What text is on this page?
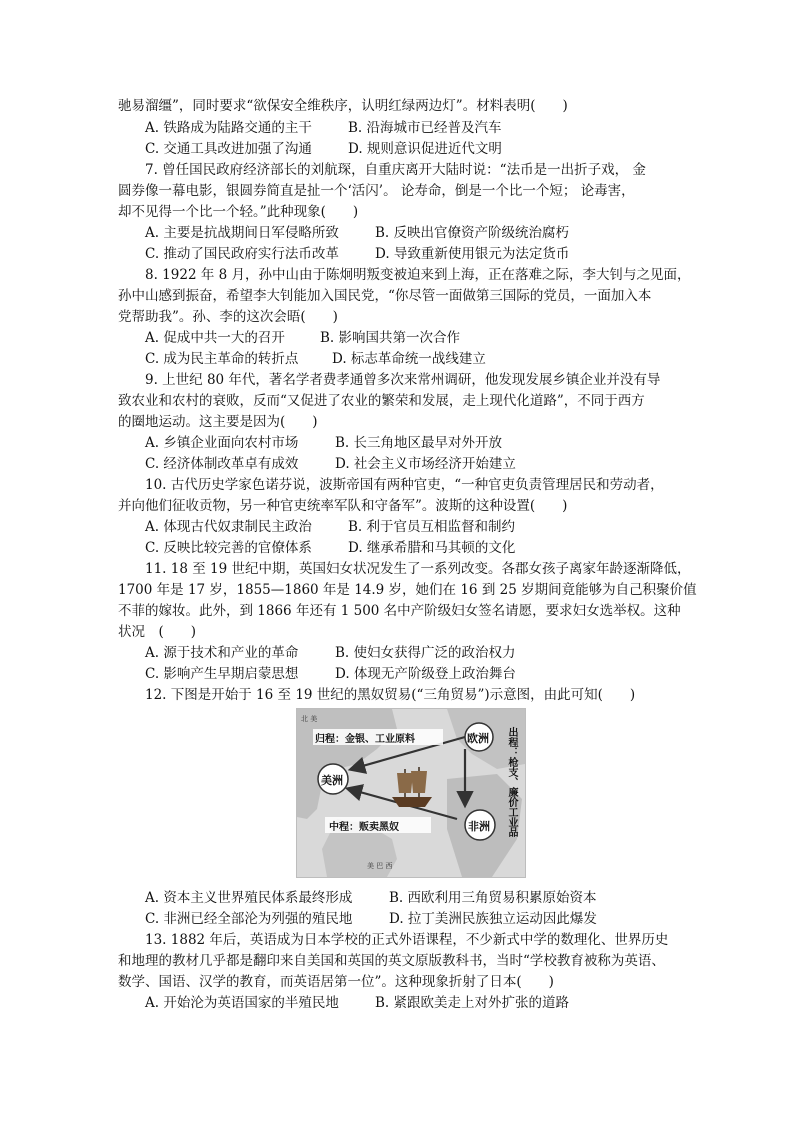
驰易溜缰”，同时要求“欲保安全维秩序，认明红绿两边灯”。材料表明(　　)
A. 铁路成为陆路交通的主干	B. 沿海城市已经普及汽车
C. 交通工具改进加强了沟通	D. 规则意识促进近代文明
7. 曾任国民政府经济部长的刘航琛，自重庆离开大陆时说：“法币是一出折子戏， 金
圆券像一幕电影，银圆券简直是扯一个‘活闪’。 论寿命，倒是一个比一个短； 论毒害，
却不见得一个比一个轻。”此种现象(　　)
A. 主要是抗战期间日军侵略所致	B. 反映出官僚资产阶级统治腐朽
C. 推动了国民政府实行法币改革	D. 导致重新使用银元为法定货币
8. 1922 年 8 月，孙中山由于陈炯明叛变被迫来到上海，正在落难之际，李大钊与之见面，
孙中山感到振奋，希望李大钊能加入国民党，“你尽管一面做第三国际的党员，一面加入本
党帮助我”。孙、李的这次会晤(　　)
A. 促成中共一大的召开	B. 影响国共第一次合作
C. 成为民主革命的转折点 D. 标志革命统一战线建立
9. 上世纪 80 年代，著名学者费孝通曾多次来常州调研，他发现发展乡镇企业并没有导
致农业和农村的衰败，反而“又促进了农业的繁荣和发展，走上现代化道路”，不同于西方
的圈地运动。这主要是因为(　　)
A. 乡镇企业面向农村市场	B. 长三角地区最早对外开放
C. 经济体制改革卓有成效	D. 社会主义市场经济开始建立
10. 古代历史学家色诺芬说，波斯帝国有两种官吏，“一种官吏负责管理居民和劳动者，
并向他们征收贡物，另一种官吏统率军队和守备军”。波斯的这种设置(　　)
A. 体现古代奴隶制民主政治	B. 利于官员互相监督和制约
C. 反映比较完善的官僚体系	D. 继承希腊和马其顿的文化
11. 18 至 19 世纪中期，英国妇女状况发生了一系列改变。各郡女孩子离家年龄逐渐降低，
1700 年是 17 岁，1855—1860 年是 14.9 岁，她们在 16 到 25 岁期间竟能够为自己积聚价值
不菲的嫁妆。此外，到 1866 年还有 1 500 名中产阶级妇女签名请愿，要求妇女选举权。这种
状况　(　　)
A. 源于技术和产业的革命	B. 使妇女获得广泛的政治权力
C. 影响产生早期启蒙思想	D. 体现无产阶级登上政治舞台
12. 下图是开始于 16 至 19 世纪的黑奴贸易(“三角贸易”)示意图，由此可知(　　)
北 美
欧洲
美洲
非洲
归程：金银、工业原料
中程：贩卖黑奴	出程：枪支、廉价工业品
美 巴 西
A. 资本主义世界殖民体系最终形成	B. 西欧利用三角贸易积累原始资本
C. 非洲已经全部沦为列强的殖民地	D. 拉丁美洲民族独立运动因此爆发
13. 1882 年后，英语成为日本学校的正式外语课程，不少新式中学的数理化、世界历史
和地理的教材几乎都是翻印来自美国和英国的英文原版教科书，当时“学校教育被称为英语、
数学、国语、汉学的教育，而英语居第一位”。这种现象折射了日本(　　)
A. 开始沦为英语国家的半殖民地	B. 紧跟欧美走上对外扩张的道路
